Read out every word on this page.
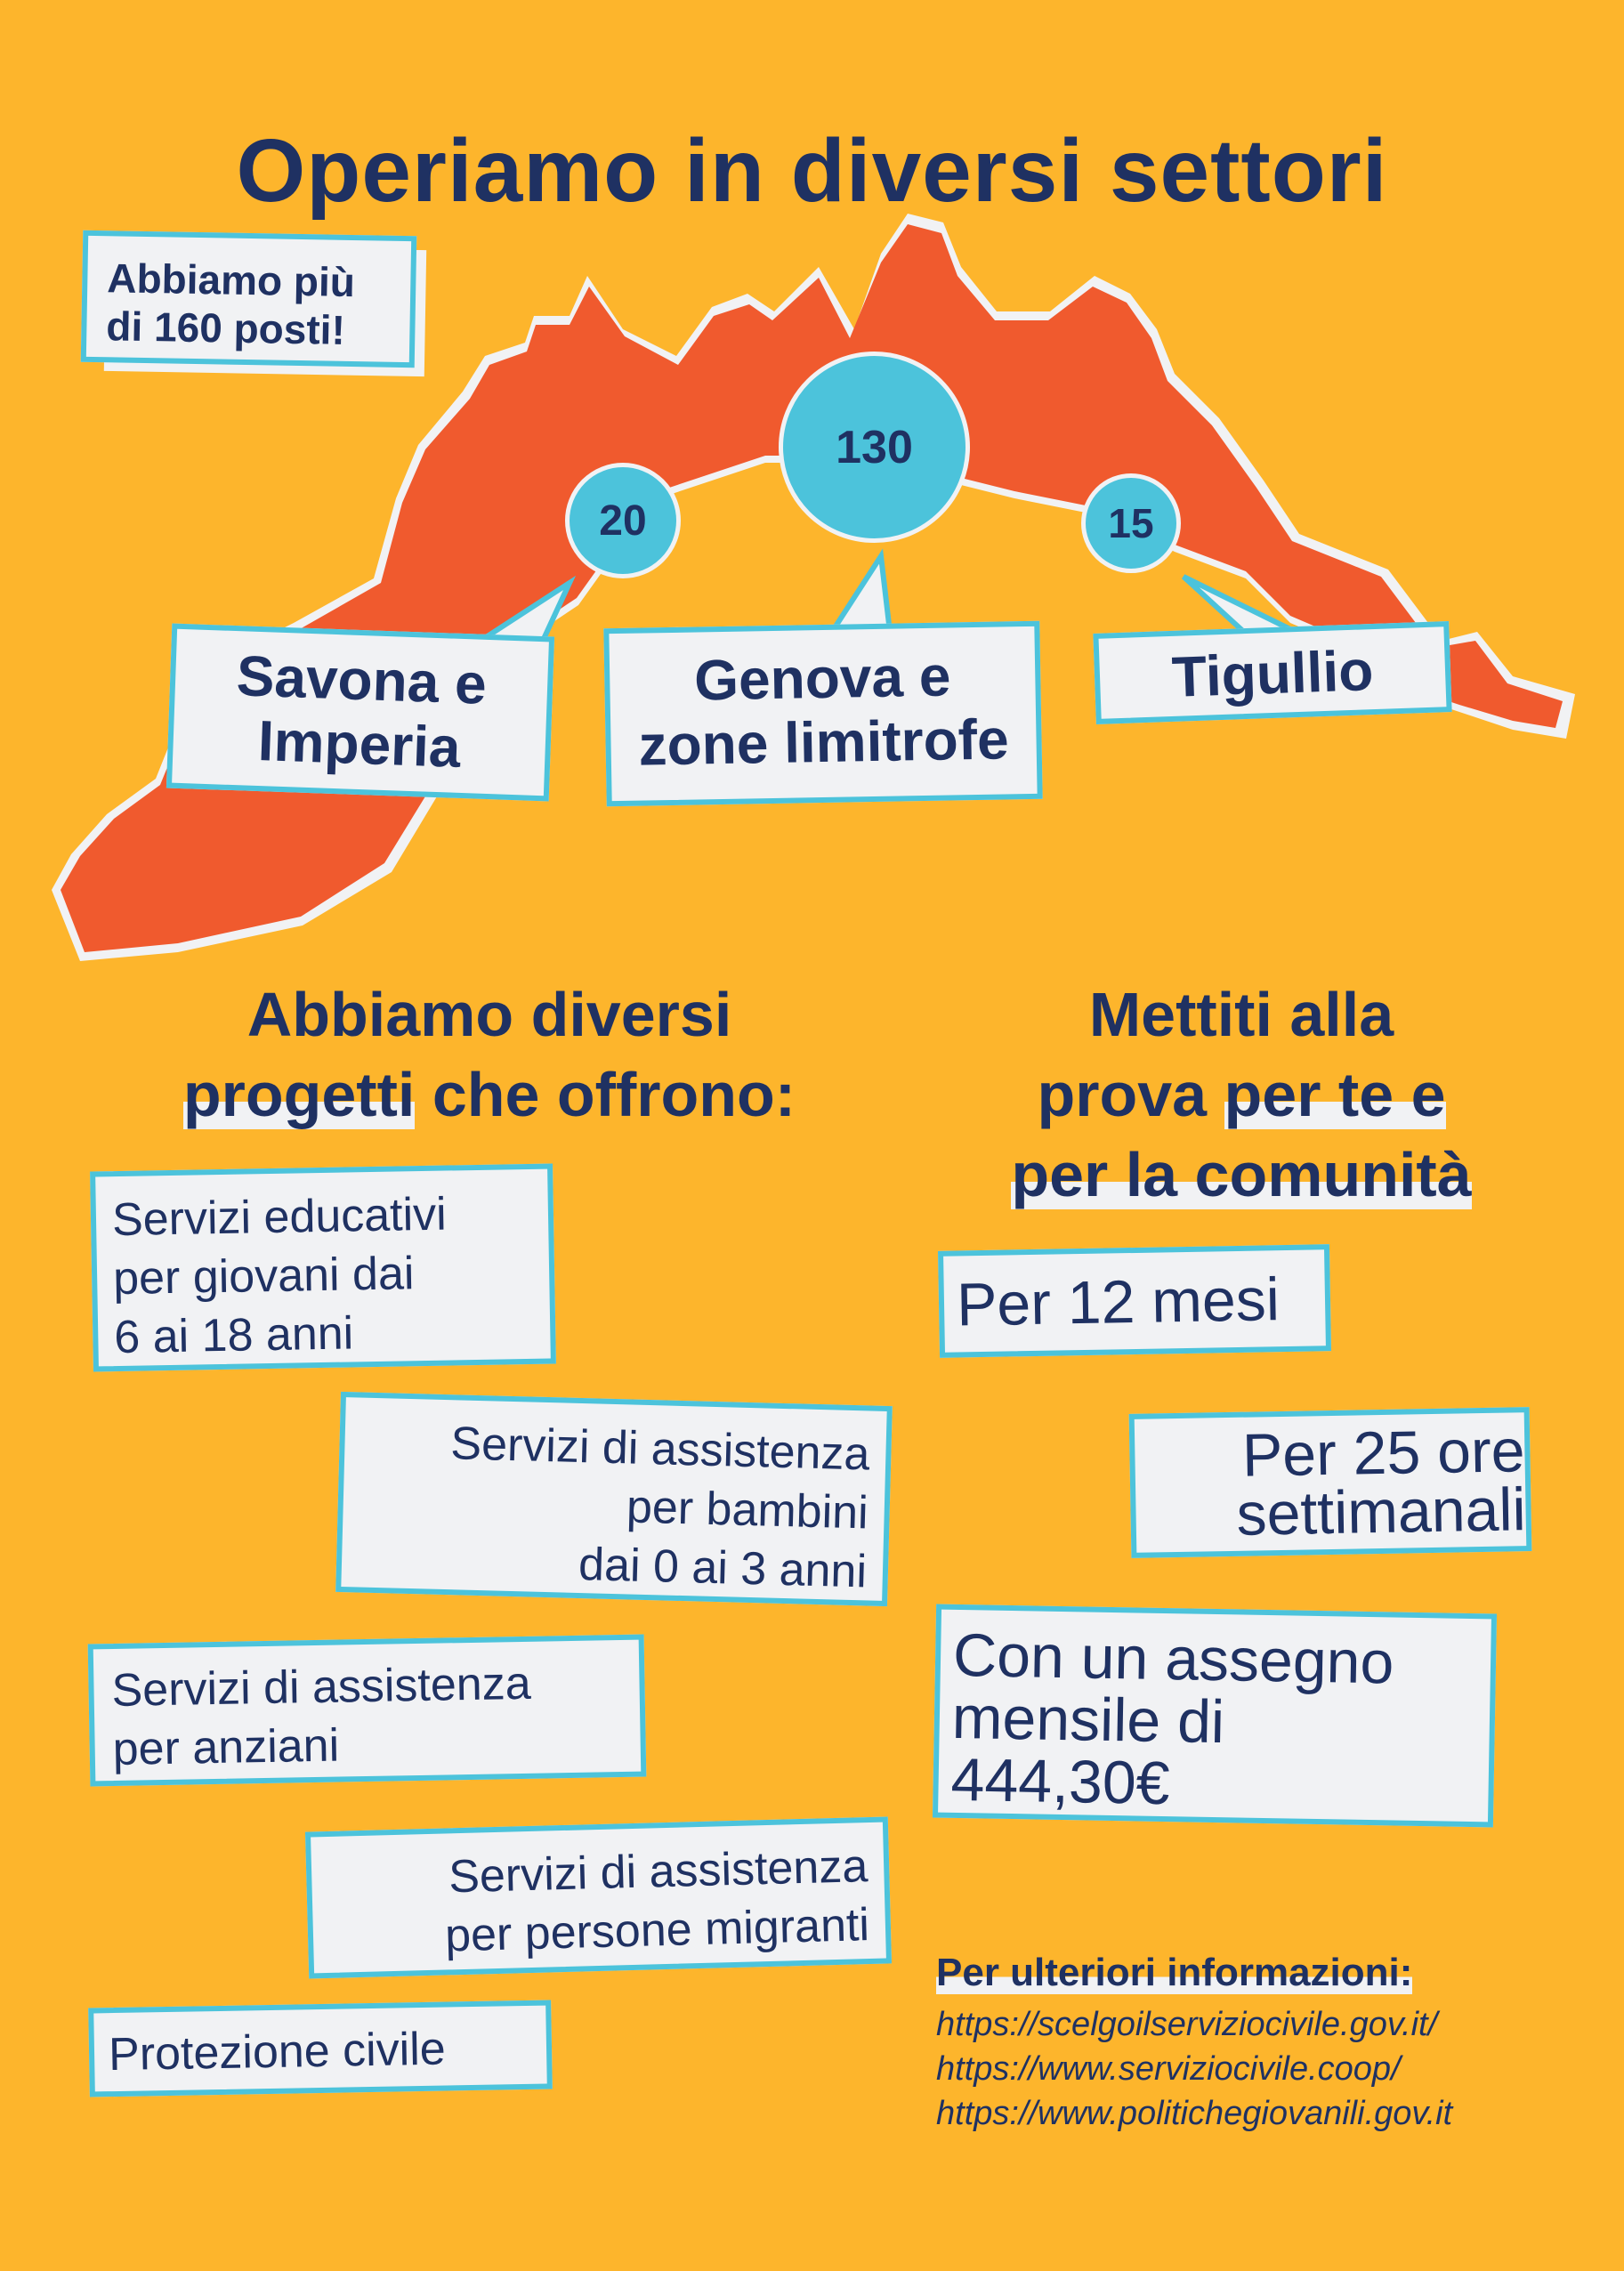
Operiamo in diversi settori
20
130
15
Abbiamo più
di 160 posti!
Savona e
Imperia
Genova e
zone limitrofe
Tigullio
Abbiamo diversi
progetti che offrono:
Servizi educativi
per giovani dai
6 ai 18 anni
Servizi di assistenza
per bambini
dai 0 ai 3 anni
Servizi di assistenza
per anziani
Servizi di assistenza
per persone migranti
Protezione civile
Mettiti alla
prova per te e
per la comunità
Per 12 mesi
Per 25 ore
settimanali
Con un assegno
mensile di
444,30€
Per ulteriori informazioni:
https://scelgoilserviziocivile.gov.it/
https://www.serviziocivile.coop/
https://www.politichegiovanili.gov.it
